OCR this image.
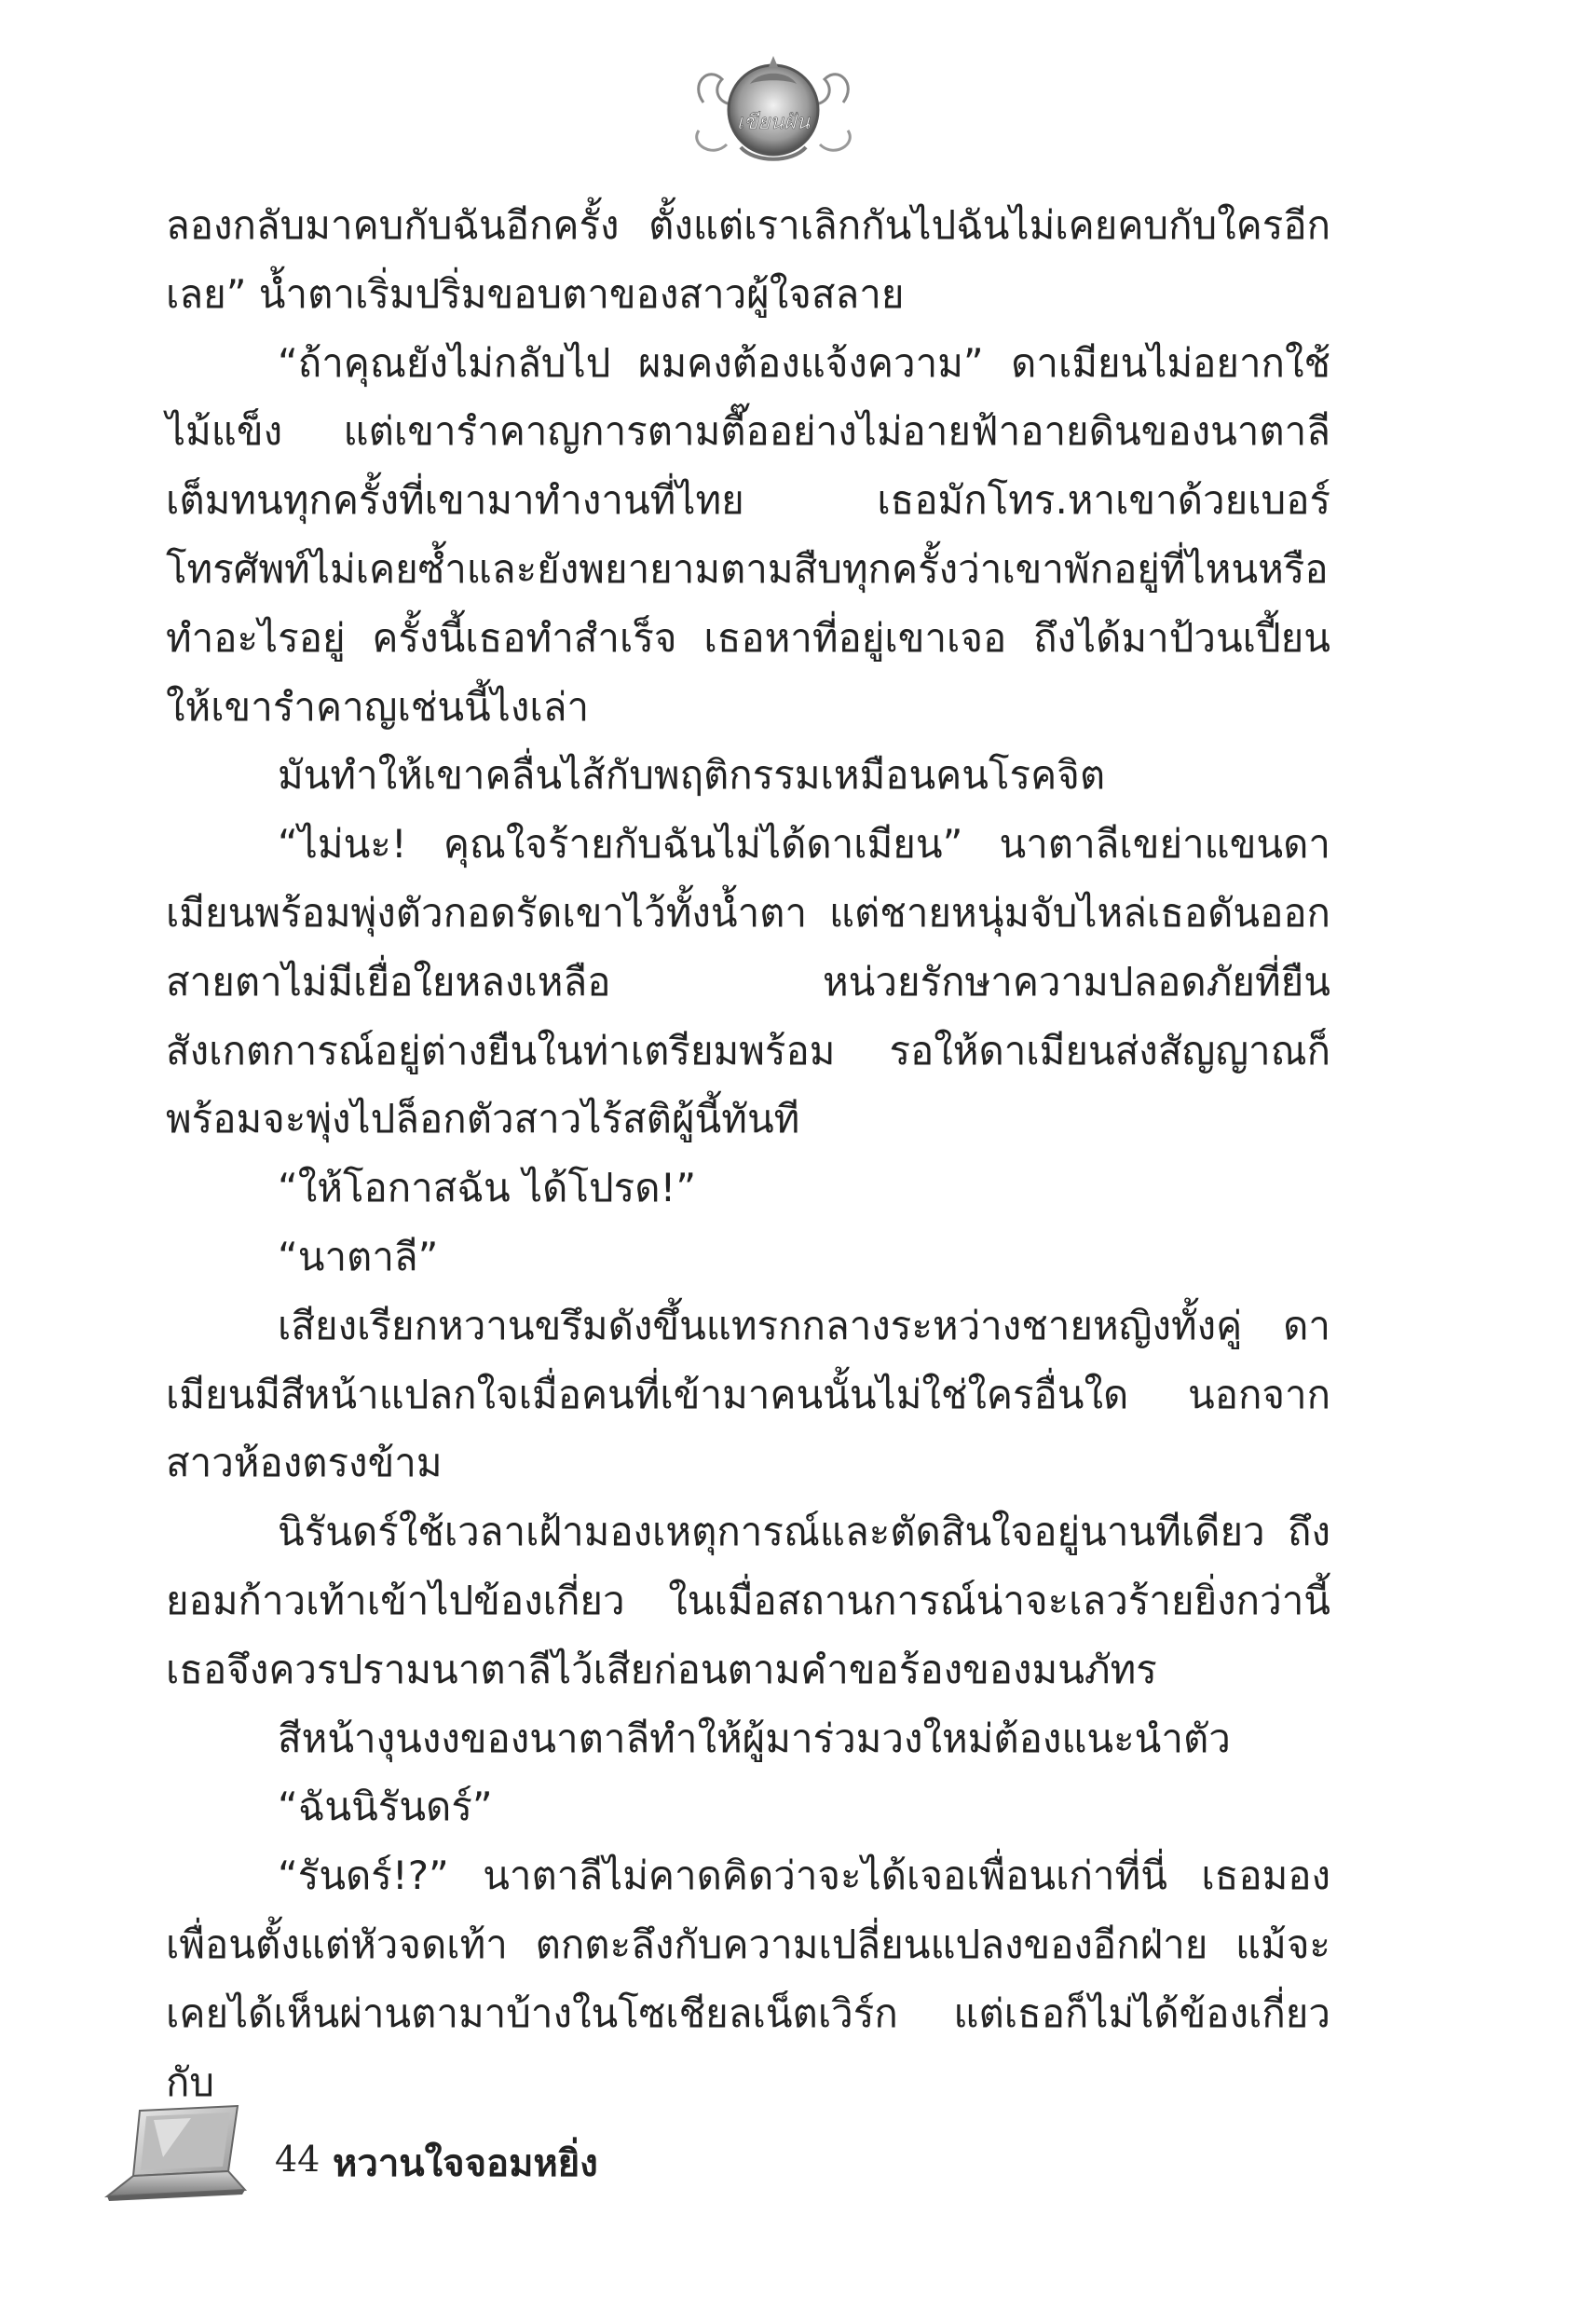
เขียนฝัน

ลองกลับมาคบกับฉันอีกครั้ง ตั้งแต่เราเลิกกันไปฉันไม่เคยคบกับใครอีกเลย” น้ำตาเริ่มปริ่มขอบตาของสาวผู้ใจสลาย

“ถ้าคุณยังไม่กลับไป ผมคงต้องแจ้งความ” ดาเมียนไม่อยากใช้ไม้แข็ง แต่เขารำคาญการตามตื๊ออย่างไม่อายฟ้าอายดินของนาตาลีเต็มทนทุกครั้งที่เขามาทำงานที่ไทย เธอมักโทร.หาเขาด้วยเบอร์โทรศัพท์ไม่เคยซ้ำและยังพยายามตามสืบทุกครั้งว่าเขาพักอยู่ที่ไหนหรือทำอะไรอยู่ ครั้งนี้เธอทำสำเร็จ เธอหาที่อยู่เขาเจอ ถึงได้มาป้วนเปี้ยนให้เขารำคาญเช่นนี้ไงเล่า

มันทำให้เขาคลื่นไส้กับพฤติกรรมเหมือนคนโรคจิต

“ไม่นะ! คุณใจร้ายกับฉันไม่ได้ดาเมียน” นาตาลีเขย่าแขนดาเมียนพร้อมพุ่งตัวกอดรัดเขาไว้ทั้งน้ำตา แต่ชายหนุ่มจับไหล่เธอดันออก สายตาไม่มีเยื่อใยหลงเหลือ หน่วยรักษาความปลอดภัยที่ยืนสังเกตการณ์อยู่ต่างยืนในท่าเตรียมพร้อม รอให้ดาเมียนส่งสัญญาณก็พร้อมจะพุ่งไปล็อกตัวสาวไร้สติผู้นี้ทันที

“ให้โอกาสฉัน ได้โปรด!”

“นาตาลี”

เสียงเรียกหวานขรึมดังขึ้นแทรกกลางระหว่างชายหญิงทั้งคู่ ดาเมียนมีสีหน้าแปลกใจเมื่อคนที่เข้ามาคนนั้นไม่ใช่ใครอื่นใด นอกจากสาวห้องตรงข้าม

นิรันดร์ใช้เวลาเฝ้ามองเหตุการณ์และตัดสินใจอยู่นานทีเดียว ถึงยอมก้าวเท้าเข้าไปข้องเกี่ยว ในเมื่อสถานการณ์น่าจะเลวร้ายยิ่งกว่านี้ เธอจึงควรปรามนาตาลีไว้เสียก่อนตามคำขอร้องของมนภัทร

สีหน้างุนงงของนาตาลีทำให้ผู้มาร่วมวงใหม่ต้องแนะนำตัว

“ฉันนิรันดร์”

“รันดร์!?” นาตาลีไม่คาดคิดว่าจะได้เจอเพื่อนเก่าที่นี่ เธอมองเพื่อนตั้งแต่หัวจดเท้า ตกตะลึงกับความเปลี่ยนแปลงของอีกฝ่าย แม้จะเคยได้เห็นผ่านตามาบ้างในโซเชียลเน็ตเวิร์ก แต่เธอก็ไม่ได้ข้องเกี่ยวกับ

44 หวานใจจอมหยิ่ง
